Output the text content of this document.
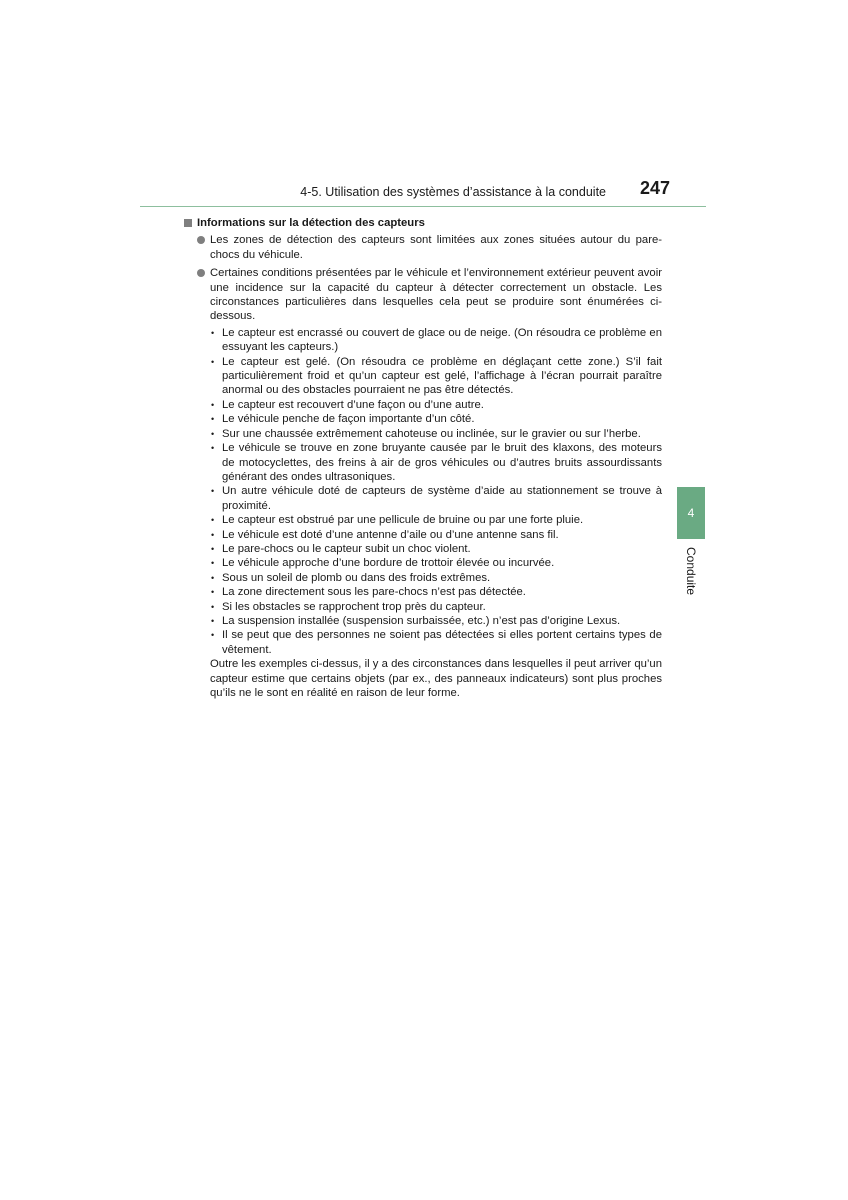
4-5. Utilisation des systèmes d’assistance à la conduite 247
4
Conduite
Informations sur la détection des capteurs
Les zones de détection des capteurs sont limitées aux zones situées autour du pare-chocs du véhicule.
Certaines conditions présentées par le véhicule et l’environnement extérieur peuvent avoir une incidence sur la capacité du capteur à détecter correctement un obstacle. Les circonstances particulières dans lesquelles cela peut se produire sont énumérées ci-dessous.
• Le capteur est encrassé ou couvert de glace ou de neige. (On résoudra ce problème en essuyant les capteurs.)
• Le capteur est gelé. (On résoudra ce problème en déglaçant cette zone.) S’il fait particulièrement froid et qu’un capteur est gelé, l’affichage à l’écran pourrait paraître anormal ou des obstacles pourraient ne pas être détectés.
• Le capteur est recouvert d’une façon ou d’une autre.
• Le véhicule penche de façon importante d’un côté.
• Sur une chaussée extrêmement cahoteuse ou inclinée, sur le gravier ou sur l’herbe.
• Le véhicule se trouve en zone bruyante causée par le bruit des klaxons, des moteurs de motocyclettes, des freins à air de gros véhicules ou d’autres bruits assourdissants générant des ondes ultrasoniques.
• Un autre véhicule doté de capteurs de système d’aide au stationnement se trouve à proximité.
• Le capteur est obstrué par une pellicule de bruine ou par une forte pluie.
• Le véhicule est doté d’une antenne d’aile ou d’une antenne sans fil.
• Le pare-chocs ou le capteur subit un choc violent.
• Le véhicule approche d’une bordure de trottoir élevée ou incurvée.
• Sous un soleil de plomb ou dans des froids extrêmes.
• La zone directement sous les pare-chocs n’est pas détectée.
• Si les obstacles se rapprochent trop près du capteur.
• La suspension installée (suspension surbaissée, etc.) n’est pas d’origine Lexus.
• Il se peut que des personnes ne soient pas détectées si elles portent certains types de vêtement.
Outre les exemples ci-dessus, il y a des circonstances dans lesquelles il peut arriver qu’un capteur estime que certains objets (par ex., des panneaux indicateurs) sont plus proches qu’ils ne le sont en réalité en raison de leur forme.
